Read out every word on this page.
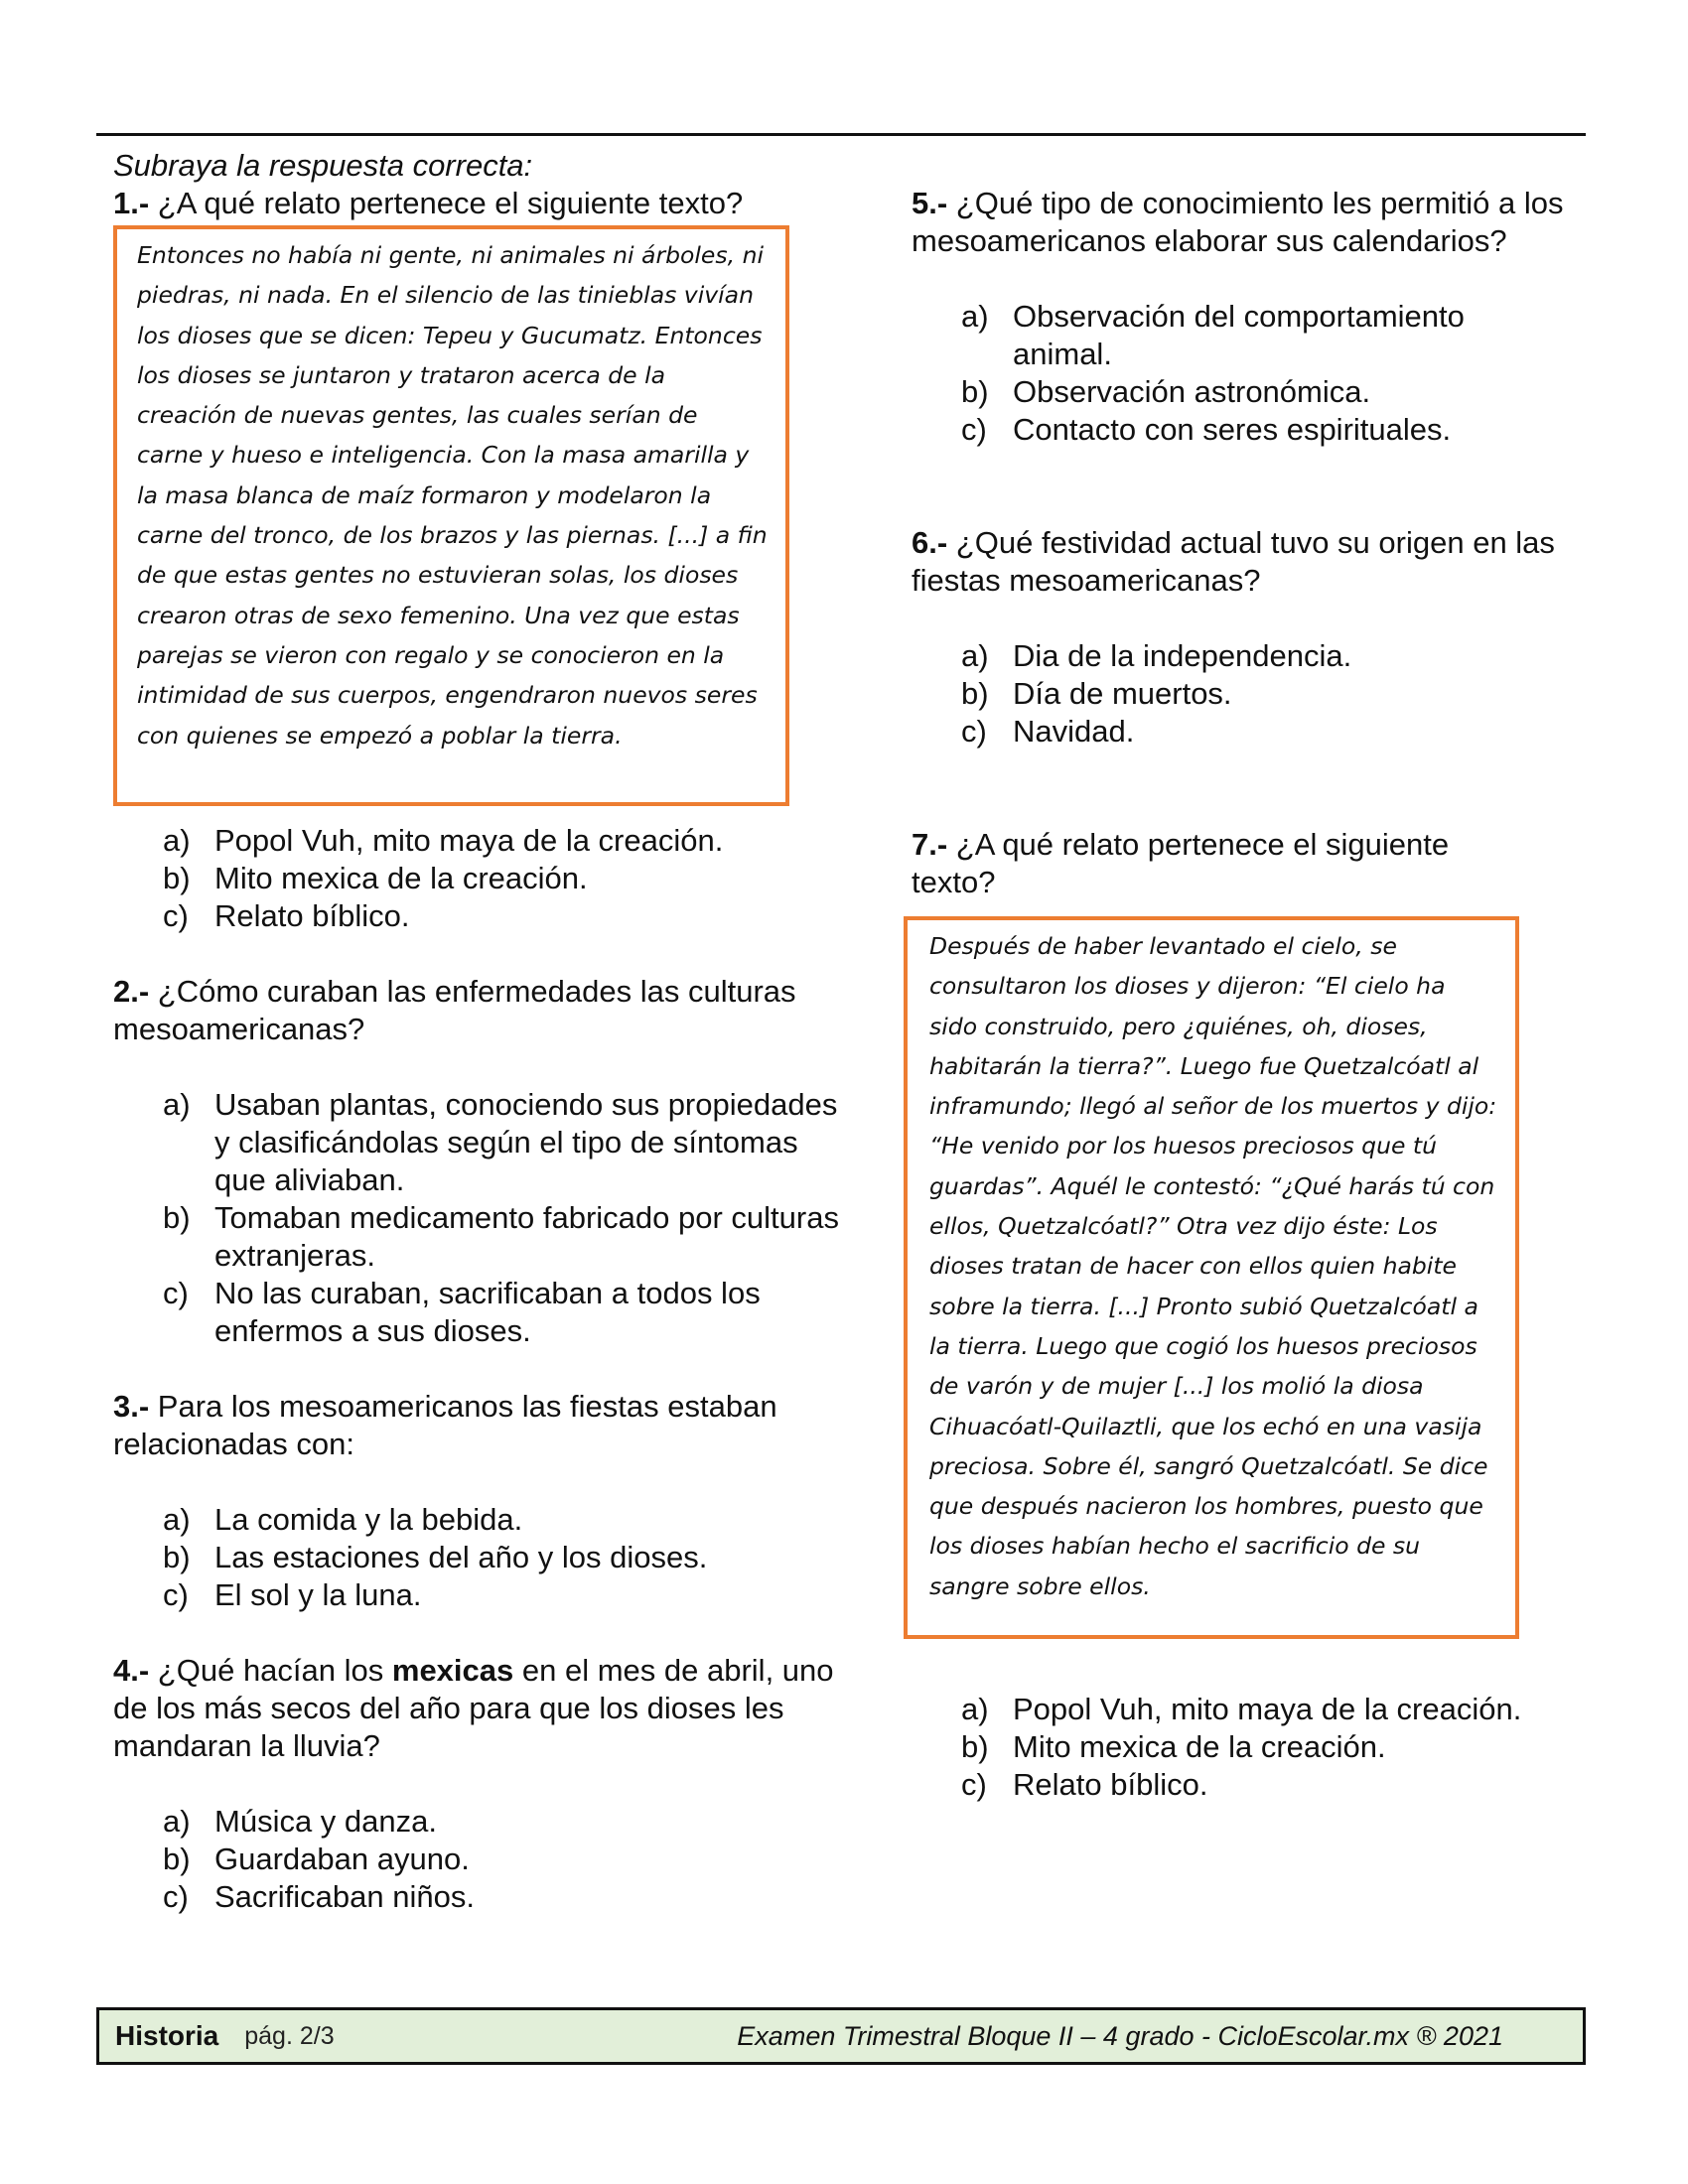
Subraya la respuesta correcta:
1.- ¿A qué relato pertenece el siguiente texto?
Entonces no había ni gente, ni animales ni árboles, ni piedras, ni nada. En el silencio de las tinieblas vivían los dioses que se dicen: Tepeu y Gucumatz. Entonces los dioses se juntaron y trataron acerca de la creación de nuevas gentes, las cuales serían de carne y hueso e inteligencia. Con la masa amarilla y la masa blanca de maíz formaron y modelaron la carne del tronco, de los brazos y las piernas. [...] a fin de que estas gentes no estuvieran solas, los dioses crearon otras de sexo femenino. Una vez que estas parejas se vieron con regalo y se conocieron en la intimidad de sus cuerpos, engendraron nuevos seres con quienes se empezó a poblar la tierra.
a) Popol Vuh, mito maya de la creación.
b) Mito mexica de la creación.
c) Relato bíblico.
2.- ¿Cómo curaban las enfermedades las culturas mesoamericanas?
a) Usaban plantas, conociendo sus propiedades y clasificándolas según el tipo de síntomas que aliviaban.
b) Tomaban medicamento fabricado por culturas extranjeras.
c) No las curaban, sacrificaban a todos los enfermos a sus dioses.
3.- Para los mesoamericanos las fiestas estaban relacionadas con:
a) La comida y la bebida.
b) Las estaciones del año y los dioses.
c) El sol y la luna.
4.- ¿Qué hacían los mexicas en el mes de abril, uno de los más secos del año para que los dioses les mandaran la lluvia?
a) Música y danza.
b) Guardaban ayuno.
c) Sacrificaban niños.
5.- ¿Qué tipo de conocimiento les permitió a los mesoamericanos elaborar sus calendarios?
a) Observación del comportamiento animal.
b) Observación astronómica.
c) Contacto con seres espirituales.
6.- ¿Qué festividad actual tuvo su origen en las fiestas mesoamericanas?
a) Dia de la independencia.
b) Día de muertos.
c) Navidad.
7.- ¿A qué relato pertenece el siguiente texto?
Después de haber levantado el cielo, se consultaron los dioses y dijeron: “El cielo ha sido construido, pero ¿quiénes, oh, dioses, habitarán la tierra?”. Luego fue Quetzalcóatl al inframundo; llegó al señor de los muertos y dijo: “He venido por los huesos preciosos que tú guardas”. Aquél le contestó: “¿Qué harás tú con ellos, Quetzalcóatl?” Otra vez dijo éste: Los dioses tratan de hacer con ellos quien habite sobre la tierra. [...] Pronto subió Quetzalcóatl a la tierra. Luego que cogió los huesos preciosos de varón y de mujer [...] los molió la diosa Cihuacóatl-Quilaztli, que los echó en una vasija preciosa. Sobre él, sangró Quetzalcóatl. Se dice que después nacieron los hombres, puesto que los dioses habían hecho el sacrificio de su sangre sobre ellos.
a) Popol Vuh, mito maya de la creación.
b) Mito mexica de la creación.
c) Relato bíblico.
Historia pág. 2/3	Examen Trimestral Bloque II – 4 grado - CicloEscolar.mx ® 2021
